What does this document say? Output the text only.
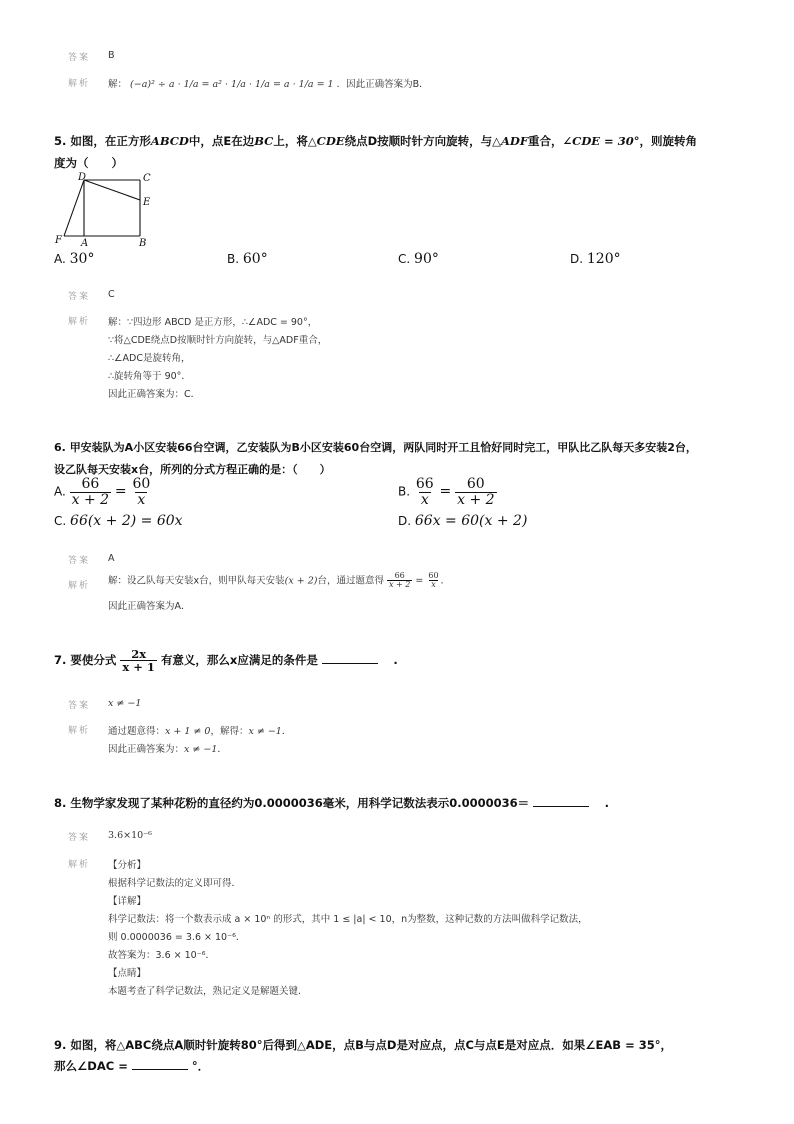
答案 B
解析 解： (−a)² ÷ a · 1/a = a² · 1/a · 1/a = a · 1/a = 1 ．因此正确答案为B．
5. 如图，在正方形ABCD中，点E在边BC上，将△CDE绕点D按顺时针方向旋转，与△ADF重合，∠CDE = 30°，则旋转角
度为（　　）
D	C
E
F A	B
A. 30°	B. 60°	C. 90°	D. 120°
答案 C
解析 解：∵四边形 ABCD 是正方形，∴∠ADC = 90°，
∵将△CDE绕点D按顺时针方向旋转，与△ADF重合，
∴∠ADC是旋转角，
∴旋转角等于 90°．
因此正确答案为：C．
6. 甲安装队为A小区安装66台空调，乙安装队为B小区安装60台空调，两队同时开工且恰好同时完工，甲队比乙队每天多安装2台，
设乙队每天安装x台，所列的分式方程正确的是：（　　）
A. $\frac{66}{x + 2} = \frac{60}{x}$	B. $\frac{66}{x} = \frac{60}{x + 2}$
C. 66(x + 2) = 60x	D. 66x = 60(x + 2)
答案 A
解析 解：设乙队每天安装x台，则甲队每天安装(x + 2)台，通过题意得 $\frac{66}{x + 2} = \frac{60}{x}$ ．
因此正确答案为A．
7. 要使分式 $\frac{2x}{x + 1}$ 有意义，那么x应满足的条件是	　.
答案 x ≠ −1
解析 通过题意得：x + 1 ≠ 0，解得：x ≠ −1．
因此正确答案为：x ≠ −1．
8. 生物学家发现了某种花粉的直径约为0.0000036毫米，用科学记数法表示0.0000036＝	　.
答案 3.6×10⁻⁶
解析 【分析】
根据科学记数法的定义即可得．
【详解】
科学记数法：将一个数表示成 a × 10ⁿ 的形式，其中 1 ≤ |a| < 10，n为整数，这种记数的方法叫做科学记数法，
则 0.0000036 = 3.6 × 10⁻⁶．
故答案为：3.6 × 10⁻⁶．
【点睛】
本题考查了科学记数法，熟记定义是解题关键．
9. 如图，将△ABC绕点A顺时针旋转80°后得到△ADE，点B与点D是对应点，点C与点E是对应点．如果∠EAB = 35°，
那么∠DAC =	°．
